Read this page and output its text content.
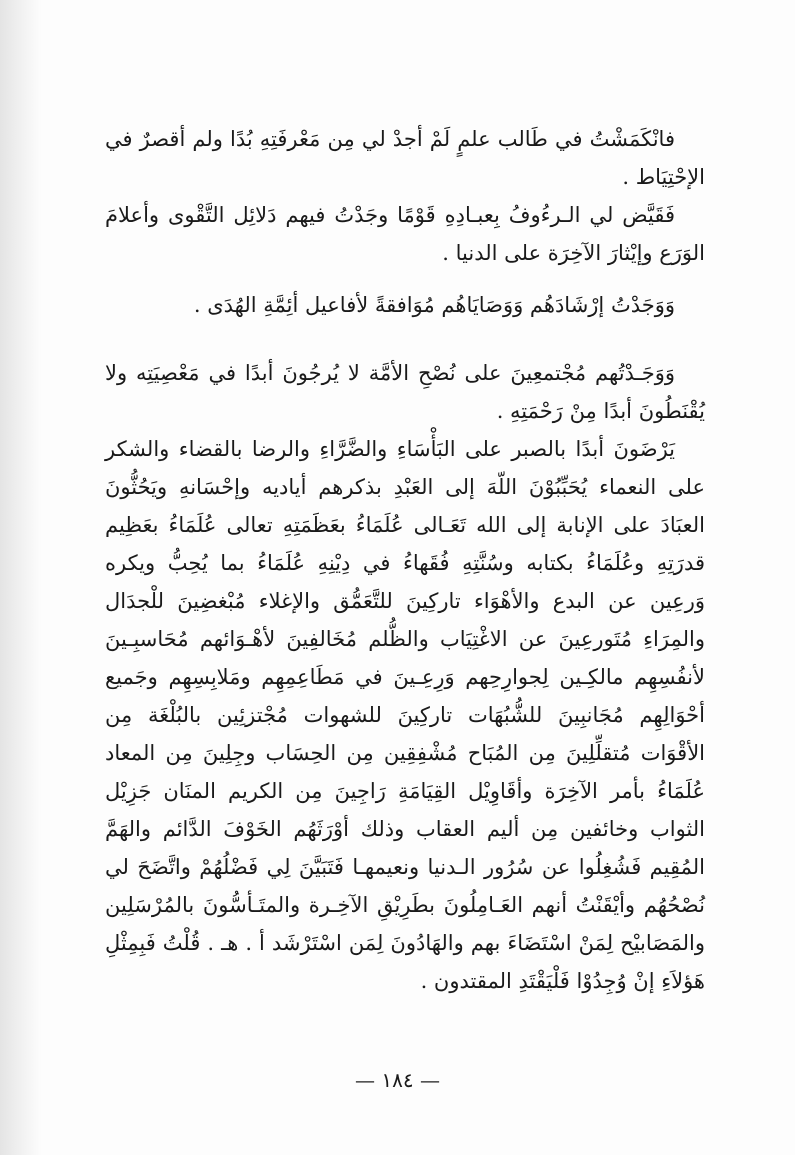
فانْكَمَشْتُ في طَالب علمٍ لَمْ أجدْ لي مِن مَعْرفَتِهِ بُدًا ولم أقصرٌ في الإحْتِيَاط .

فَقَيَّض لي الـرءُوفُ بِعبـادِهِ قَوْمًا وجَدْتُ فيهم دَلائِل التَّقْوى وأعلامَ الوَرَع وإيْثارَ الآخِرَة على الدنيا .

وَوَجَدْتُ إرْشَادَهُم وَوَصَايَاهُم مُوَافقةً لأفاعيل أئِمَّةِ الهُدَى .

وَوَجَـدْتُهم مُجْتمعِينَ على نُصْحِ الأمَّة لا يُرجُونَ أبدًا في مَعْصِيَتِه ولا يُقْنَطُونَ أبدًا مِنْ رَحْمَتِهِ .

يَرْضَونَ أبدًا بالصبر على البَأْسَاءِ والضَّرَّاءِ والرضا بالقضاء والشكر على النعماء يُحَبِّبُوْنَ اللّهَ إلى العَبْدِ بذكرهم أياديه وإحْسَانهِ ويَحُثُّونَ العبَادَ على الإنابة إلى الله تَعَـالى عُلَمَاءُ بعَظَمَتِهِ تعالى عُلَمَاءُ بعَظِيم قدرَتِهِ وعُلَمَاءُ بكتابه وسُنَّتِهِ فُقَهاءُ في دِيْنِهِ عُلَمَاءُ بما يُحِبُّ ويكره وَرعِين عن البدع والأهْوَاء تاركِينَ للتَّعَمُّق والإغلاء مُبْغضِينَ للْجدَال والمِرَاءِ مُتَورعِينَ عن الاغْتِيَاب والظُّلم مُخَالفِينَ لأهْـوَائهم مُحَاسبِـينَ لأنفُسِهِم مالكِـين لِجوارِحِهم وَرِعِـينَ في مَطَاعِمِهِم ومَلابِسِهِم وجَميع أحْوَالِهِم مُجَانبِينَ للشُّبُهَات تاركِينَ للشهوات مُجْتزئِين بالبُلْغَة مِن الأقْوَات مُتقلِّلِينَ مِن المُبَاح مُشْفِقِين مِن الحِسَاب وجِلِينَ مِن المعاد عُلَمَاءُ بأمر الآخِرَة وأقَاوِيْل القِيَامَةِ رَاجِينَ مِن الكريم المنَان جَزِيْل الثواب وخائفين مِن أليم العقاب وذلك أوْرَثَهُم الخَوْفَ الدَّائم والهَمَّ المُقِيم فَشُغِلُوا عن سُرُور الـدنيا ونعيمهـا فَتَبَيَّنَ لِي فَضْلُهُمْ واتَّضَحَ لي نُصْحُهُم وأيْقَنْتُ أنهم العَـامِلُونَ بطَرِيْقِ الآخِـرة والمتَـأسُّونَ بالمُرْسَلِين والمَصَابيْح لِمَنْ اسْتَضَاءَ بهم والهَادُونَ لِمَن اسْتَرْشَد أ . هـ . قُلْتُ فَبِمِثْلِ هَؤلاَءِ إنْ وُجِدُوْا فَلْيَقْتَدِ المقتدون .

— ١٨٤ —
